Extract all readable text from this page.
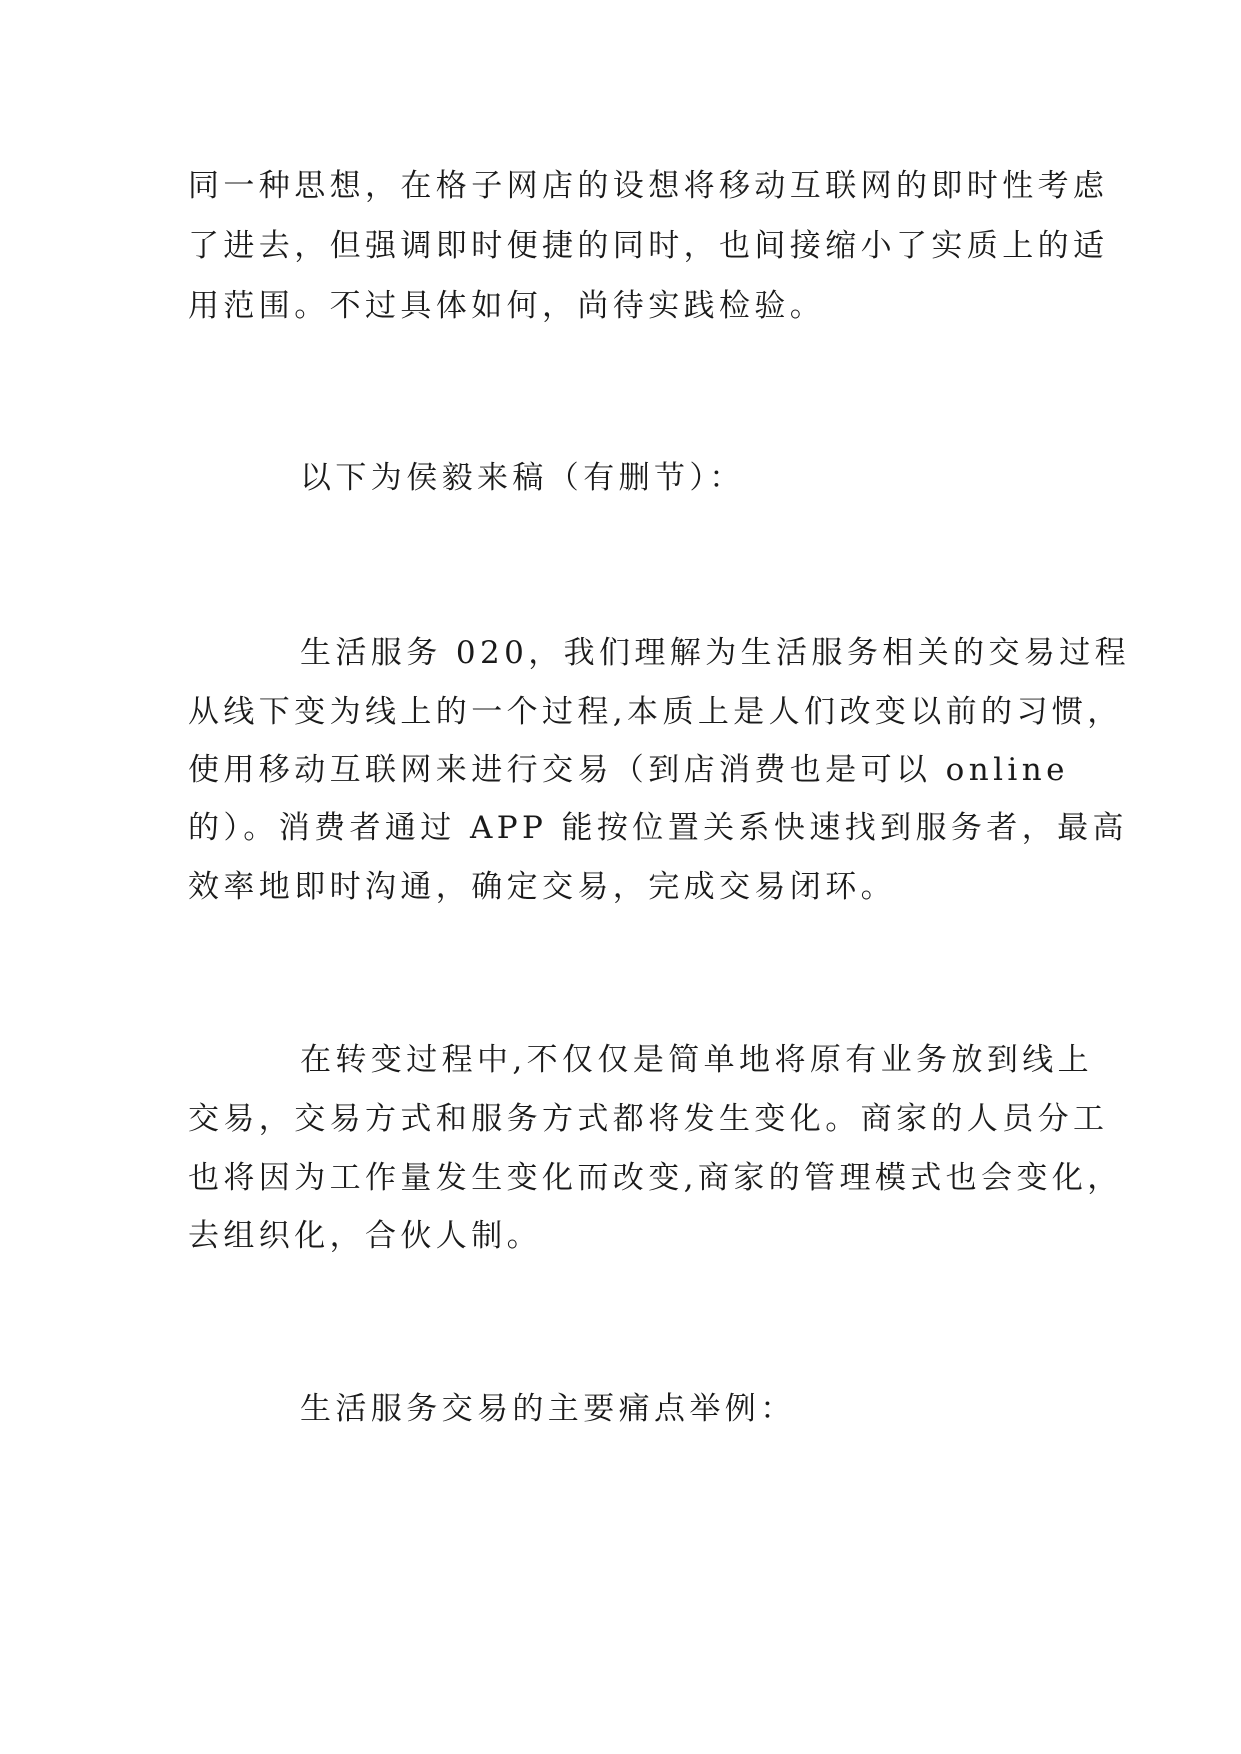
同一种思想，在格子网店的设想将移动互联网的即时性考虑

了进去，但强调即时便捷的同时，也间接缩小了实质上的适

用范围。不过具体如何，尚待实践检验。

以下为侯毅来稿（有删节）：

生活服务 020，我们理解为生活服务相关的交易过程

从线下变为线上的一个过程,本质上是人们改变以前的习惯，

使用移动互联网来进行交易（到店消费也是可以 online

的）。消费者通过 APP 能按位置关系快速找到服务者，最高

效率地即时沟通，确定交易，完成交易闭环。

在转变过程中,不仅仅是简单地将原有业务放到线上

交易，交易方式和服务方式都将发生变化。商家的人员分工

也将因为工作量发生变化而改变,商家的管理模式也会变化，

去组织化，合伙人制。

生活服务交易的主要痛点举例：
